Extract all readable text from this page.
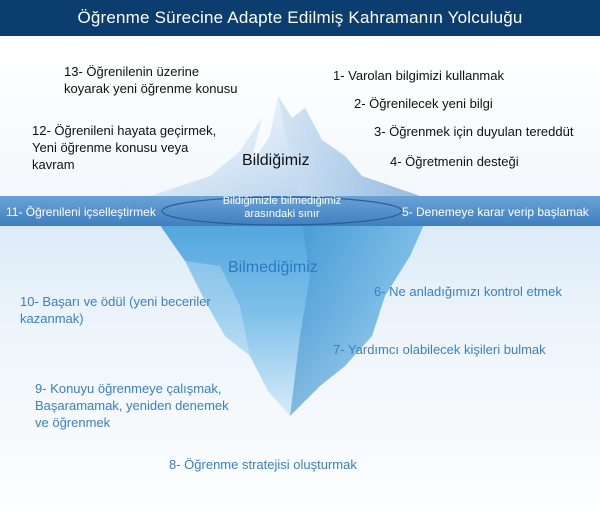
Öğrenme Sürecine Adapte Edilmiş Kahramanın Yolculuğu
13- Öğrenilenin üzerine
koyarak yeni öğrenme konusu
1- Varolan bilgimizi kullanmak
2- Öğrenilecek yeni bilgi
3- Öğrenmek için duyulan tereddüt
4- Öğretmenin desteği
12- Öğrenileni hayata geçirmek,
Yeni öğrenme konusu veya
kavram	Bildiğimiz
11- Öğrenileni içselleştirmek
Bildiğimizle bilmediğimiz arasındaki sınır	5- Denemeye karar verip başlamak
Bilmediğimiz
6- Ne anladığımızı kontrol etmek
10- Başarı ve ödül (yeni beceriler
kazanmak)
7- Yardımcı olabilecek kişileri bulmak
9- Konuyu öğrenmeye çalışmak,
Başaramamak, yeniden denemek
ve öğrenmek
8- Öğrenme stratejisi oluşturmak
